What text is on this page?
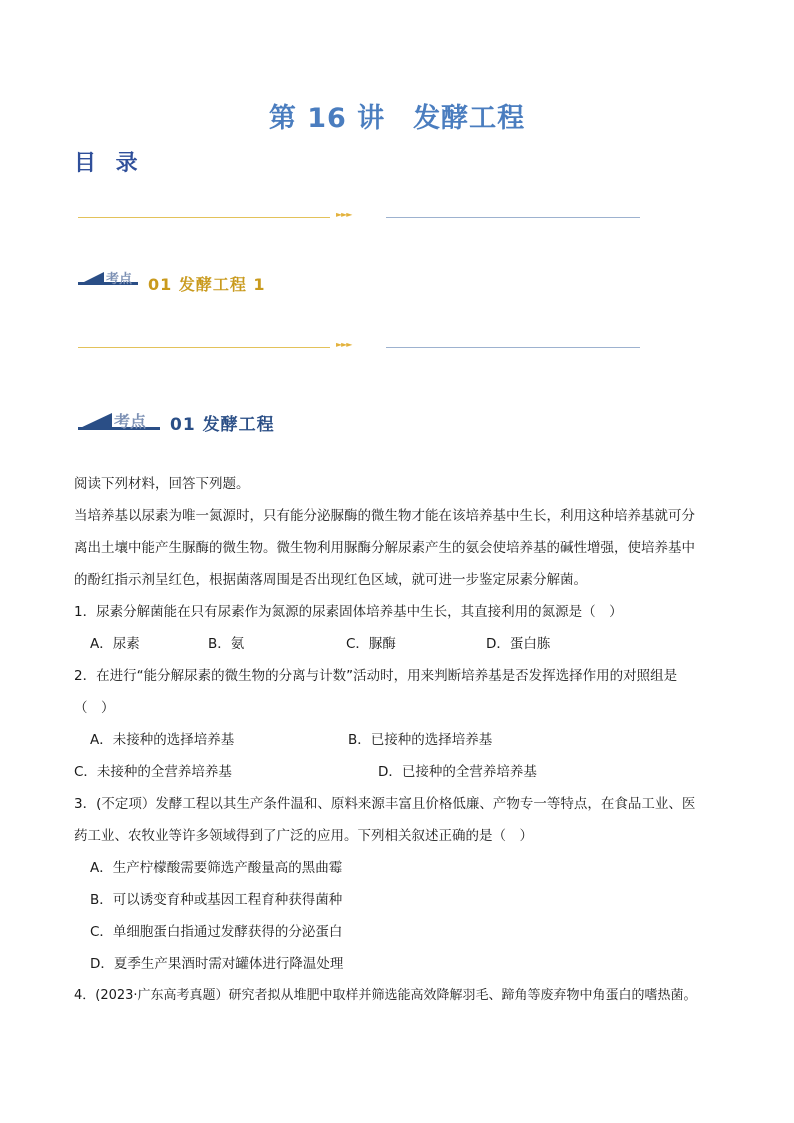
第 16 讲　发酵工程
目 录
►►►
考点 01 发酵工程 1
►►►
考点 01 发酵工程
阅读下列材料，回答下列题。
当培养基以尿素为唯一氮源时，只有能分泌脲酶的微生物才能在该培养基中生长，利用这种培养基就可分
离出土壤中能产生脲酶的微生物。微生物利用脲酶分解尿素产生的氨会使培养基的碱性增强，使培养基中
的酚红指示剂呈红色，根据菌落周围是否出现红色区域，就可进一步鉴定尿素分解菌。
1．尿素分解菌能在只有尿素作为氮源的尿素固体培养基中生长，其直接利用的氮源是（　）
A．尿素	B．氨	C．脲酶	D．蛋白胨
2．在进行“能分解尿素的微生物的分离与计数”活动时，用来判断培养基是否发挥选择作用的对照组是
（　）
A．未接种的选择培养基	B．已接种的选择培养基
C．未接种的全营养培养基	D．已接种的全营养培养基
3．(不定项）发酵工程以其生产条件温和、原料来源丰富且价格低廉、产物专一等特点，在食品工业、医
药工业、农牧业等许多领域得到了广泛的应用。下列相关叙述正确的是（　）
A．生产柠檬酸需要筛选产酸量高的黑曲霉
B．可以诱变育种或基因工程育种获得菌种
C．单细胞蛋白指通过发酵获得的分泌蛋白
D．夏季生产果酒时需对罐体进行降温处理
4．(2023·广东高考真题）研究者拟从堆肥中取样并筛选能高效降解羽毛、蹄角等废弃物中角蛋白的嗜热菌。
